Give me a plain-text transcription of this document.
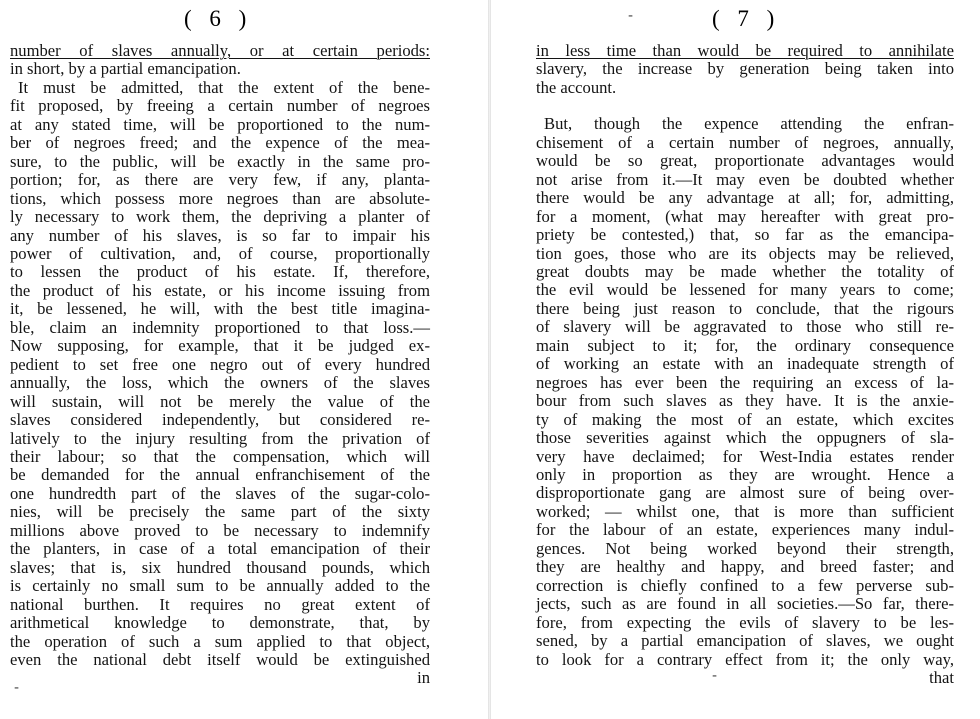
( 6 )
number of slaves annually, or at certain periods:
in short, by a partial emancipation.
It must be admitted, that the extent of the bene-
fit proposed, by freeing a certain number of negroes
at any stated time, will be proportioned to the num-
ber of negroes freed; and the expence of the mea-
sure, to the public, will be exactly in the same pro-
portion; for, as there are very few, if any, planta-
tions, which possess more negroes than are absolute-
ly necessary to work them, the depriving a planter of
any number of his slaves, is so far to impair his
power of cultivation, and, of course, proportionally
to lessen the product of his estate. If, therefore,
the product of his estate, or his income issuing from
it, be lessened, he will, with the best title imagina-
ble, claim an indemnity proportioned to that loss.—
Now supposing, for example, that it be judged ex-
pedient to set free one negro out of every hundred
annually, the loss, which the owners of the slaves
will sustain, will not be merely the value of the
slaves considered independently, but considered re-
latively to the injury resulting from the privation of
their labour; so that the compensation, which will
be demanded for the annual enfranchisement of the
one hundredth part of the slaves of the sugar-colo-
nies, will be precisely the same part of the sixty
millions above proved to be necessary to indemnify
the planters, in case of a total emancipation of their
slaves; that is, six hundred thousand pounds, which
is certainly no small sum to be annually added to the
national burthen. It requires no great extent of
arithmetical knowledge to demonstrate, that, by
the operation of such a sum applied to that object,
even the national debt itself would be extinguished
in
-
-	( 7 )
in less time than would be required to annihilate
slavery, the increase by generation being taken into
the account.
But, though the expence attending the enfran-
chisement of a certain number of negroes, annually,
would be so great, proportionate advantages would
not arise from it.—It may even be doubted whether
there would be any advantage at all; for, admitting,
for a moment, (what may hereafter with great pro-
priety be contested,) that, so far as the emancipa-
tion goes, those who are its objects may be relieved,
great doubts may be made whether the totality of
the evil would be lessened for many years to come;
there being just reason to conclude, that the rigours
of slavery will be aggravated to those who still re-
main subject to it; for, the ordinary consequence
of working an estate with an inadequate strength of
negroes has ever been the requiring an excess of la-
bour from such slaves as they have. It is the anxie-
ty of making the most of an estate, which excites
those severities against which the oppugners of sla-
very have declaimed; for West-India estates render
only in proportion as they are wrought. Hence a
disproportionate gang are almost sure of being over-
worked; — whilst one, that is more than sufficient
for the labour of an estate, experiences many indul-
gences. Not being worked beyond their strength,
they are healthy and happy, and breed faster; and
correction is chiefly confined to a few perverse sub-
jects, such as are found in all societies.—So far, there-
fore, from expecting the evils of slavery to be les-
sened, by a partial emancipation of slaves, we ought
to look for a contrary effect from it; the only way,
that
-
